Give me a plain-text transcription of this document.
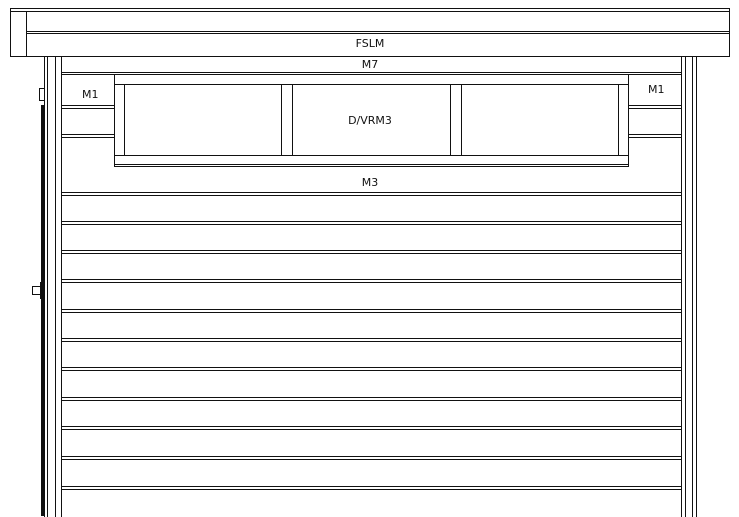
FSLM
M7
M1	M1
D/VRM3
M3
